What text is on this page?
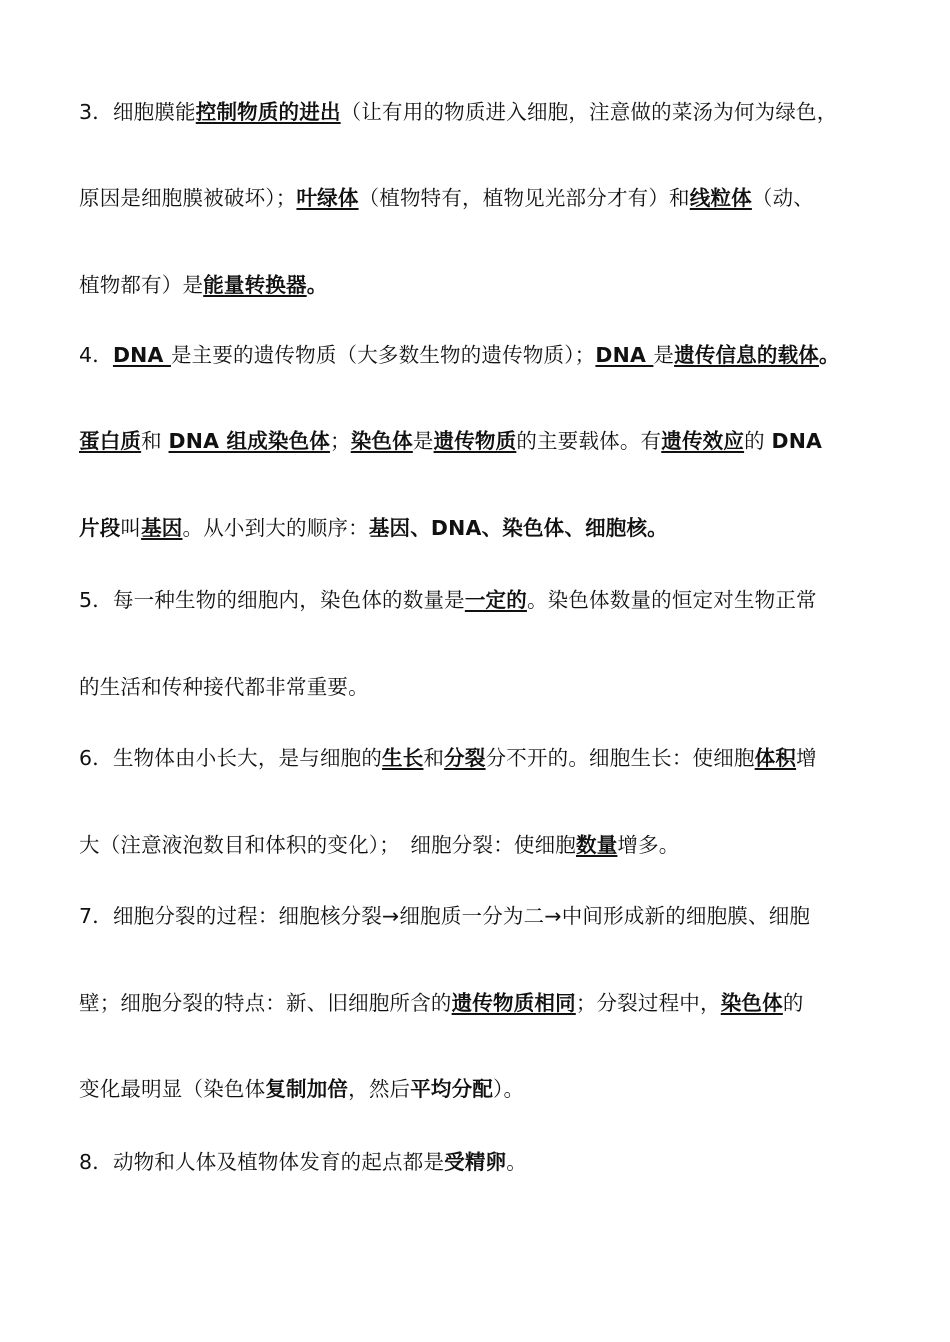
3．细胞膜能控制物质的进出（让有用的物质进入细胞，注意做的菜汤为何为绿色，
原因是细胞膜被破坏）；叶绿体（植物特有，植物见光部分才有）和线粒体（动、
植物都有）是能量转换器。
4．DNA 是主要的遗传物质（大多数生物的遗传物质）；DNA 是遗传信息的载体。
蛋白质和 DNA 组成染色体；染色体是遗传物质的主要载体。有遗传效应的 DNA
片段叫基因。从小到大的顺序：基因、DNA、染色体、细胞核。
5．每一种生物的细胞内，染色体的数量是一定的。染色体数量的恒定对生物正常
的生活和传种接代都非常重要。
6．生物体由小长大，是与细胞的生长和分裂分不开的。细胞生长：使细胞体积增
大（注意液泡数目和体积的变化）；　细胞分裂：使细胞数量增多。
7．细胞分裂的过程：细胞核分裂→细胞质一分为二→中间形成新的细胞膜、细胞
壁；细胞分裂的特点：新、旧细胞所含的遗传物质相同；分裂过程中，染色体的
变化最明显（染色体复制加倍，然后平均分配）。
8．动物和人体及植物体发育的起点都是受精卵。
